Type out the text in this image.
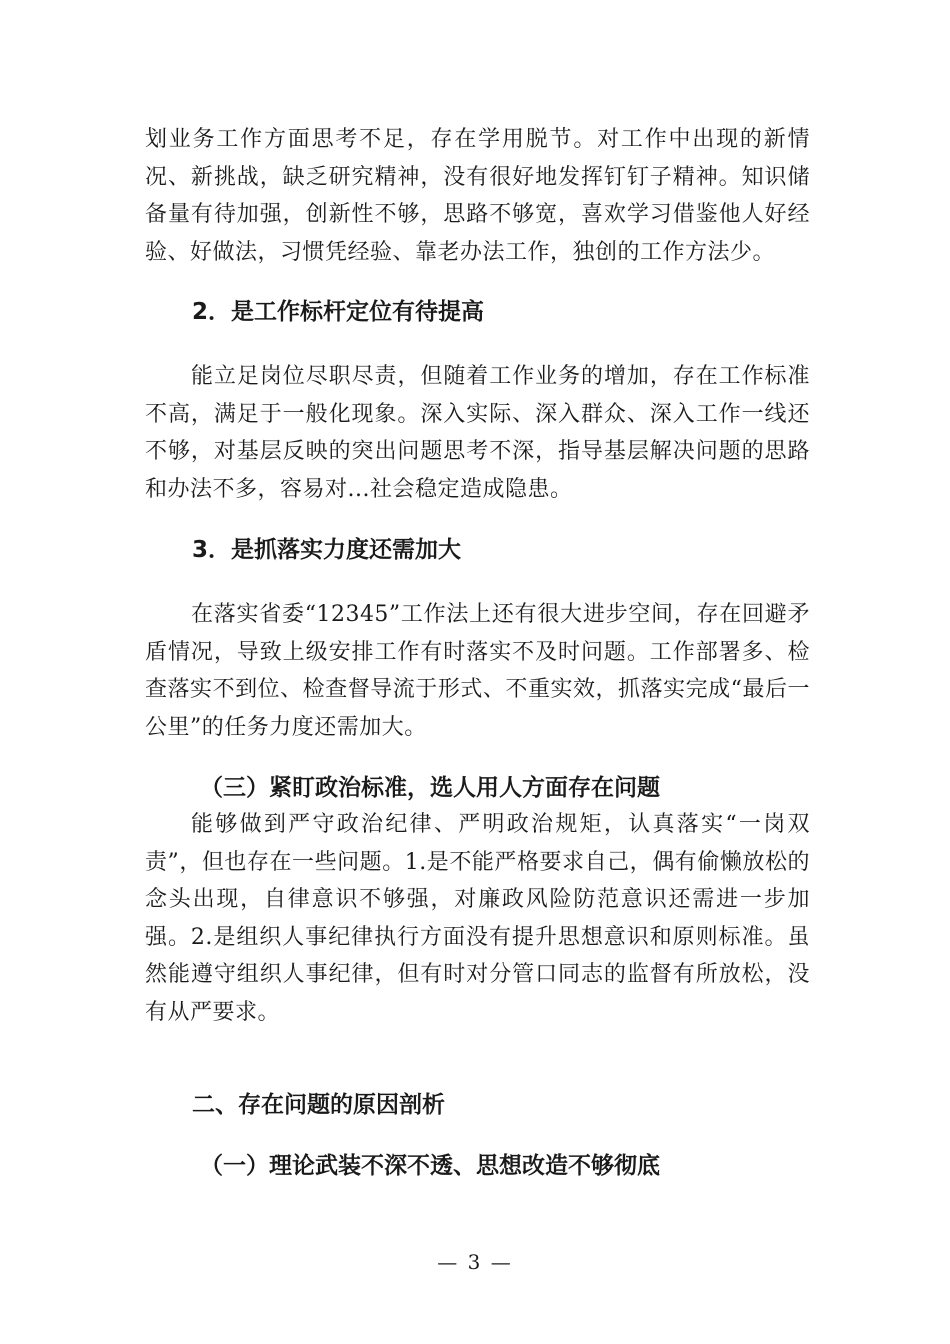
划业务工作方面思考不足，存在学用脱节。对工作中出现的新情况、新挑战，缺乏研究精神，没有很好地发挥钉钉子精神。知识储备量有待加强，创新性不够，思路不够宽，喜欢学习借鉴他人好经验、好做法，习惯凭经验、靠老办法工作，独创的工作方法少。

2．是工作标杆定位有待提高

能立足岗位尽职尽责，但随着工作业务的增加，存在工作标准不高，满足于一般化现象。深入实际、深入群众、深入工作一线还不够，对基层反映的突出问题思考不深，指导基层解决问题的思路和办法不多，容易对...社会稳定造成隐患。

3．是抓落实力度还需加大

在落实省委“12345”工作法上还有很大进步空间，存在回避矛盾情况，导致上级安排工作有时落实不及时问题。工作部署多、检查落实不到位、检查督导流于形式、不重实效，抓落实完成“最后一公里”的任务力度还需加大。

（三）紧盯政治标准，选人用人方面存在问题

能够做到严守政治纪律、严明政治规矩，认真落实“一岗双责”，但也存在一些问题。1.是不能严格要求自己，偶有偷懒放松的念头出现，自律意识不够强，对廉政风险防范意识还需进一步加强。2.是组织人事纪律执行方面没有提升思想意识和原则标准。虽然能遵守组织人事纪律，但有时对分管口同志的监督有所放松，没有从严要求。

二、存在问题的原因剖析
（一）理论武装不深不透、思想改造不够彻底
— 3 —
